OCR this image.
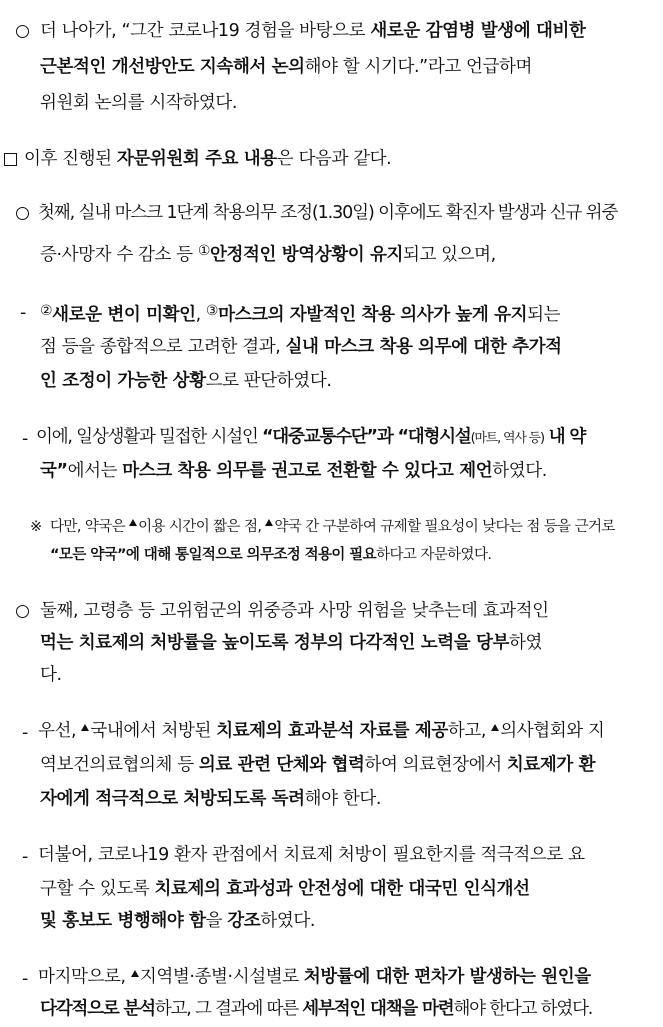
더 나아가, “그간 코로나19 경험을 바탕으로 새로운 감염병 발생에 대비한
근본적인 개선방안도 지속해서 논의해야 할 시기다.”라고 언급하며
위원회 논의를 시작하였다.
이후 진행된 자문위원회 주요 내용은 다음과 같다.
첫째, 실내 마스크 1단계 착용의무 조정(1.30일) 이후에도 확진자 발생과 신규 위중
증·사망자 수 감소 등 ①안정적인 방역상황이 유지되고 있으며,
- ②새로운 변이 미확인, ③마스크의 자발적인 착용 의사가 높게 유지되는
점 등을 종합적으로 고려한 결과, 실내 마스크 착용 의무에 대한 추가적
인 조정이 가능한 상황으로 판단하였다.
- 이에, 일상생활과 밀접한 시설인 “대중교통수단”과 “대형시설(마트, 역사 등) 내 약
국”에서는 마스크 착용 의무를 권고로 전환할 수 있다고 제언하였다.
※ 다만, 약국은 이용 시간이 짧은 점, 약국 간 구분하여 규제할 필요성이 낮다는 점 등을 근거로
“모든 약국”에 대해 통일적으로 의무조정 적용이 필요하다고 자문하였다.
둘째, 고령층 등 고위험군의 위중증과 사망 위험을 낮추는데 효과적인
먹는 치료제의 처방률을 높이도록 정부의 다각적인 노력을 당부하였
다.
- 우선, 국내에서 처방된 치료제의 효과분석 자료를 제공하고, 의사협회와 지
역보건의료협의체 등 의료 관련 단체와 협력하여 의료현장에서 치료제가 환
자에게 적극적으로 처방되도록 독려해야 한다.
- 더불어, 코로나19 환자 관점에서 치료제 처방이 필요한지를 적극적으로 요
구할 수 있도록 치료제의 효과성과 안전성에 대한 대국민 인식개선
및 홍보도 병행해야 함을 강조하였다.
- 마지막으로, 지역별·종별·시설별로 처방률에 대한 편차가 발생하는 원인을
다각적으로 분석하고, 그 결과에 따른 세부적인 대책을 마련해야 한다고 하였다.
